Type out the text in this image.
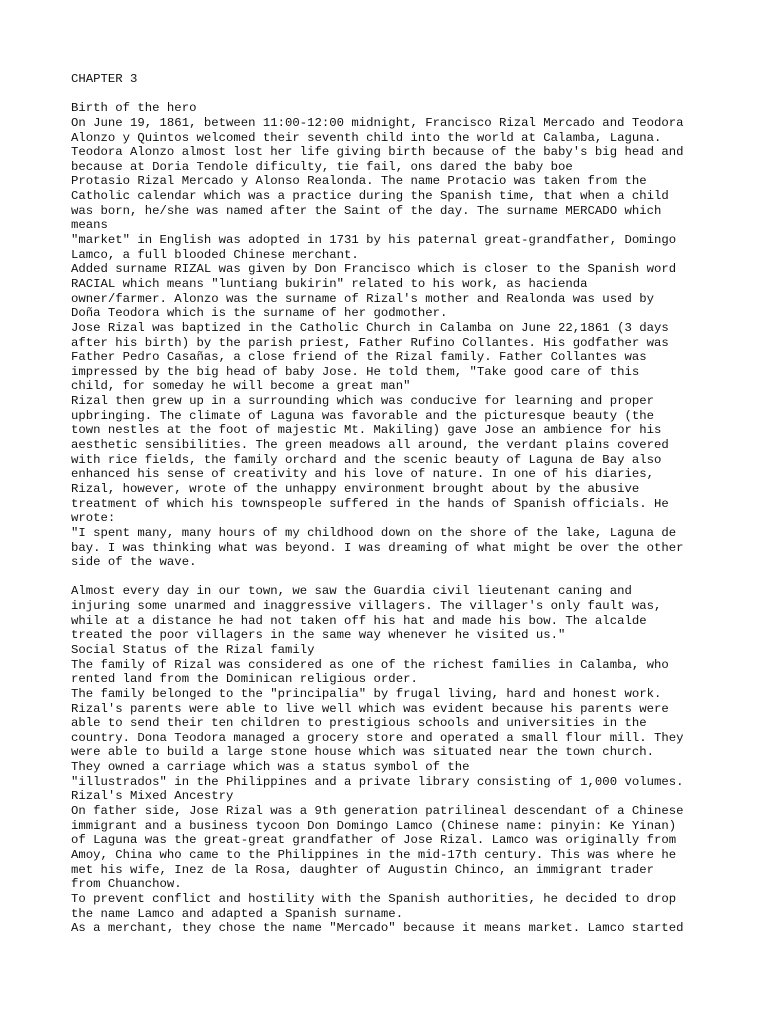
CHAPTER 3
Birth of the hero
On June 19, 1861, between 11:00-12:00 midnight, Francisco Rizal Mercado and Teodora
Alonzo y Quintos welcomed their seventh child into the world at Calamba, Laguna.
Teodora Alonzo almost lost her life giving birth because of the baby's big head and
because at Doria Tendole dificulty, tie fail, ons dared the baby boe
Protasio Rizal Mercado y Alonso Realonda. The name Protacio was taken from the
Catholic calendar which was a practice during the Spanish time, that when a child
was born, he/she was named after the Saint of the day. The surname MERCADO which
means
"market" in English was adopted in 1731 by his paternal great-grandfather, Domingo
Lamco, a full blooded Chinese merchant.
Added surname RIZAL was given by Don Francisco which is closer to the Spanish word
RACIAL which means "luntiang bukirin" related to his work, as hacienda
owner/farmer. Alonzo was the surname of Rizal's mother and Realonda was used by
Doña Teodora which is the surname of her godmother.
Jose Rizal was baptized in the Catholic Church in Calamba on June 22,1861 (3 days
after his birth) by the parish priest, Father Rufino Collantes. His godfather was
Father Pedro Casañas, a close friend of the Rizal family. Father Collantes was
impressed by the big head of baby Jose. He told them, "Take good care of this
child, for someday he will become a great man"
Rizal then grew up in a surrounding which was conducive for learning and proper
upbringing. The climate of Laguna was favorable and the picturesque beauty (the
town nestles at the foot of majestic Mt. Makiling) gave Jose an ambience for his
aesthetic sensibilities. The green meadows all around, the verdant plains covered
with rice fields, the family orchard and the scenic beauty of Laguna de Bay also
enhanced his sense of creativity and his love of nature. In one of his diaries,
Rizal, however, wrote of the unhappy environment brought about by the abusive
treatment of which his townspeople suffered in the hands of Spanish officials. He
wrote:
"I spent many, many hours of my childhood down on the shore of the lake, Laguna de
bay. I was thinking what was beyond. I was dreaming of what might be over the other
side of the wave.
Almost every day in our town, we saw the Guardia civil lieutenant caning and
injuring some unarmed and inaggressive villagers. The villager's only fault was,
while at a distance he had not taken off his hat and made his bow. The alcalde
treated the poor villagers in the same way whenever he visited us."
Social Status of the Rizal family
The family of Rizal was considered as one of the richest families in Calamba, who
rented land from the Dominican religious order.
The family belonged to the "principalia" by frugal living, hard and honest work.
Rizal's parents were able to live well which was evident because his parents were
able to send their ten children to prestigious schools and universities in the
country. Dona Teodora managed a grocery store and operated a small flour mill. They
were able to build a large stone house which was situated near the town church.
They owned a carriage which was a status symbol of the
"illustrados" in the Philippines and a private library consisting of 1,000 volumes.
Rizal's Mixed Ancestry
On father side, Jose Rizal was a 9th generation patrilineal descendant of a Chinese
immigrant and a business tycoon Don Domingo Lamco (Chinese name: pinyin: Ke Yinan)
of Laguna was the great-great grandfather of Jose Rizal. Lamco was originally from
Amoy, China who came to the Philippines in the mid-17th century. This was where he
met his wife, Inez de la Rosa, daughter of Augustin Chinco, an immigrant trader
from Chuanchow.
To prevent conflict and hostility with the Spanish authorities, he decided to drop
the name Lamco and adapted a Spanish surname.
As a merchant, they chose the name "Mercado" because it means market. Lamco started
